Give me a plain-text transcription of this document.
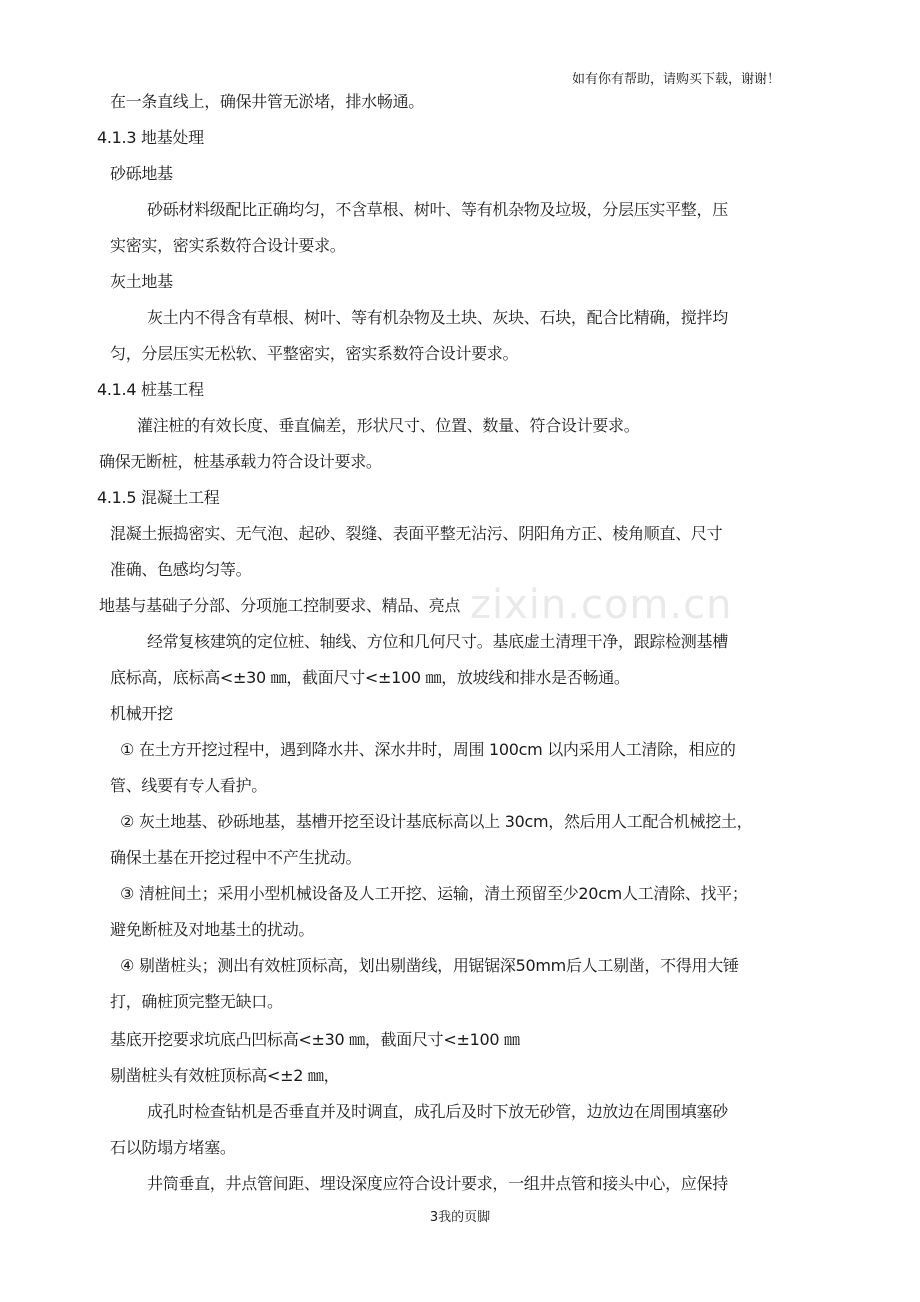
zixin.com.cn
如有你有帮助，请购买下载，谢谢！
在一条直线上，确保井管无淤堵，排水畅通。
4.1.3 地基处理
砂砾地基
砂砾材料级配比正确均匀，不含草根、树叶、等有机杂物及垃圾，分层压实平整，压
实密实，密实系数符合设计要求。
灰土地基
灰土内不得含有草根、树叶、等有机杂物及土块、灰块、石块，配合比精确，搅拌均
匀，分层压实无松软、平整密实，密实系数符合设计要求。
4.1.4 桩基工程
灌注桩的有效长度、垂直偏差，形状尺寸、位置、数量、符合设计要求。
确保无断桩，桩基承载力符合设计要求。
4.1.5 混凝土工程
混凝土振捣密实、无气泡、起砂、裂缝、表面平整无沾污、阴阳角方正、棱角顺直、尺寸
准确、色感均匀等。
地基与基础子分部、分项施工控制要求、精品、亮点
经常复核建筑的定位桩、轴线、方位和几何尺寸。基底虚土清理干净，跟踪检测基槽
底标高，底标高<±30 ㎜，截面尺寸<±100 ㎜，放坡线和排水是否畅通。
机械开挖
① 在土方开挖过程中，遇到降水井、深水井时，周围 100cm 以内采用人工清除，相应的
管、线要有专人看护。
② 灰土地基、砂砾地基，基槽开挖至设计基底标高以上 30cm，然后用人工配合机械挖土，
确保土基在开挖过程中不产生扰动。
③ 清桩间土；采用小型机械设备及人工开挖、运输，清土预留至少20cm人工清除、找平；
避免断桩及对地基土的扰动。
④ 剔凿桩头；测出有效桩顶标高，划出剔凿线，用锯锯深50mm后人工剔凿，不得用大锤
打，确桩顶完整无缺口。
基底开挖要求坑底凸凹标高<±30 ㎜，截面尺寸<±100 ㎜
剔凿桩头有效桩顶标高<±2 ㎜，
成孔时检查钻机是否垂直并及时调直，成孔后及时下放无砂管，边放边在周围填塞砂
石以防塌方堵塞。
井筒垂直，井点管间距、埋设深度应符合设计要求，一组井点管和接头中心，应保持
3我的页脚
